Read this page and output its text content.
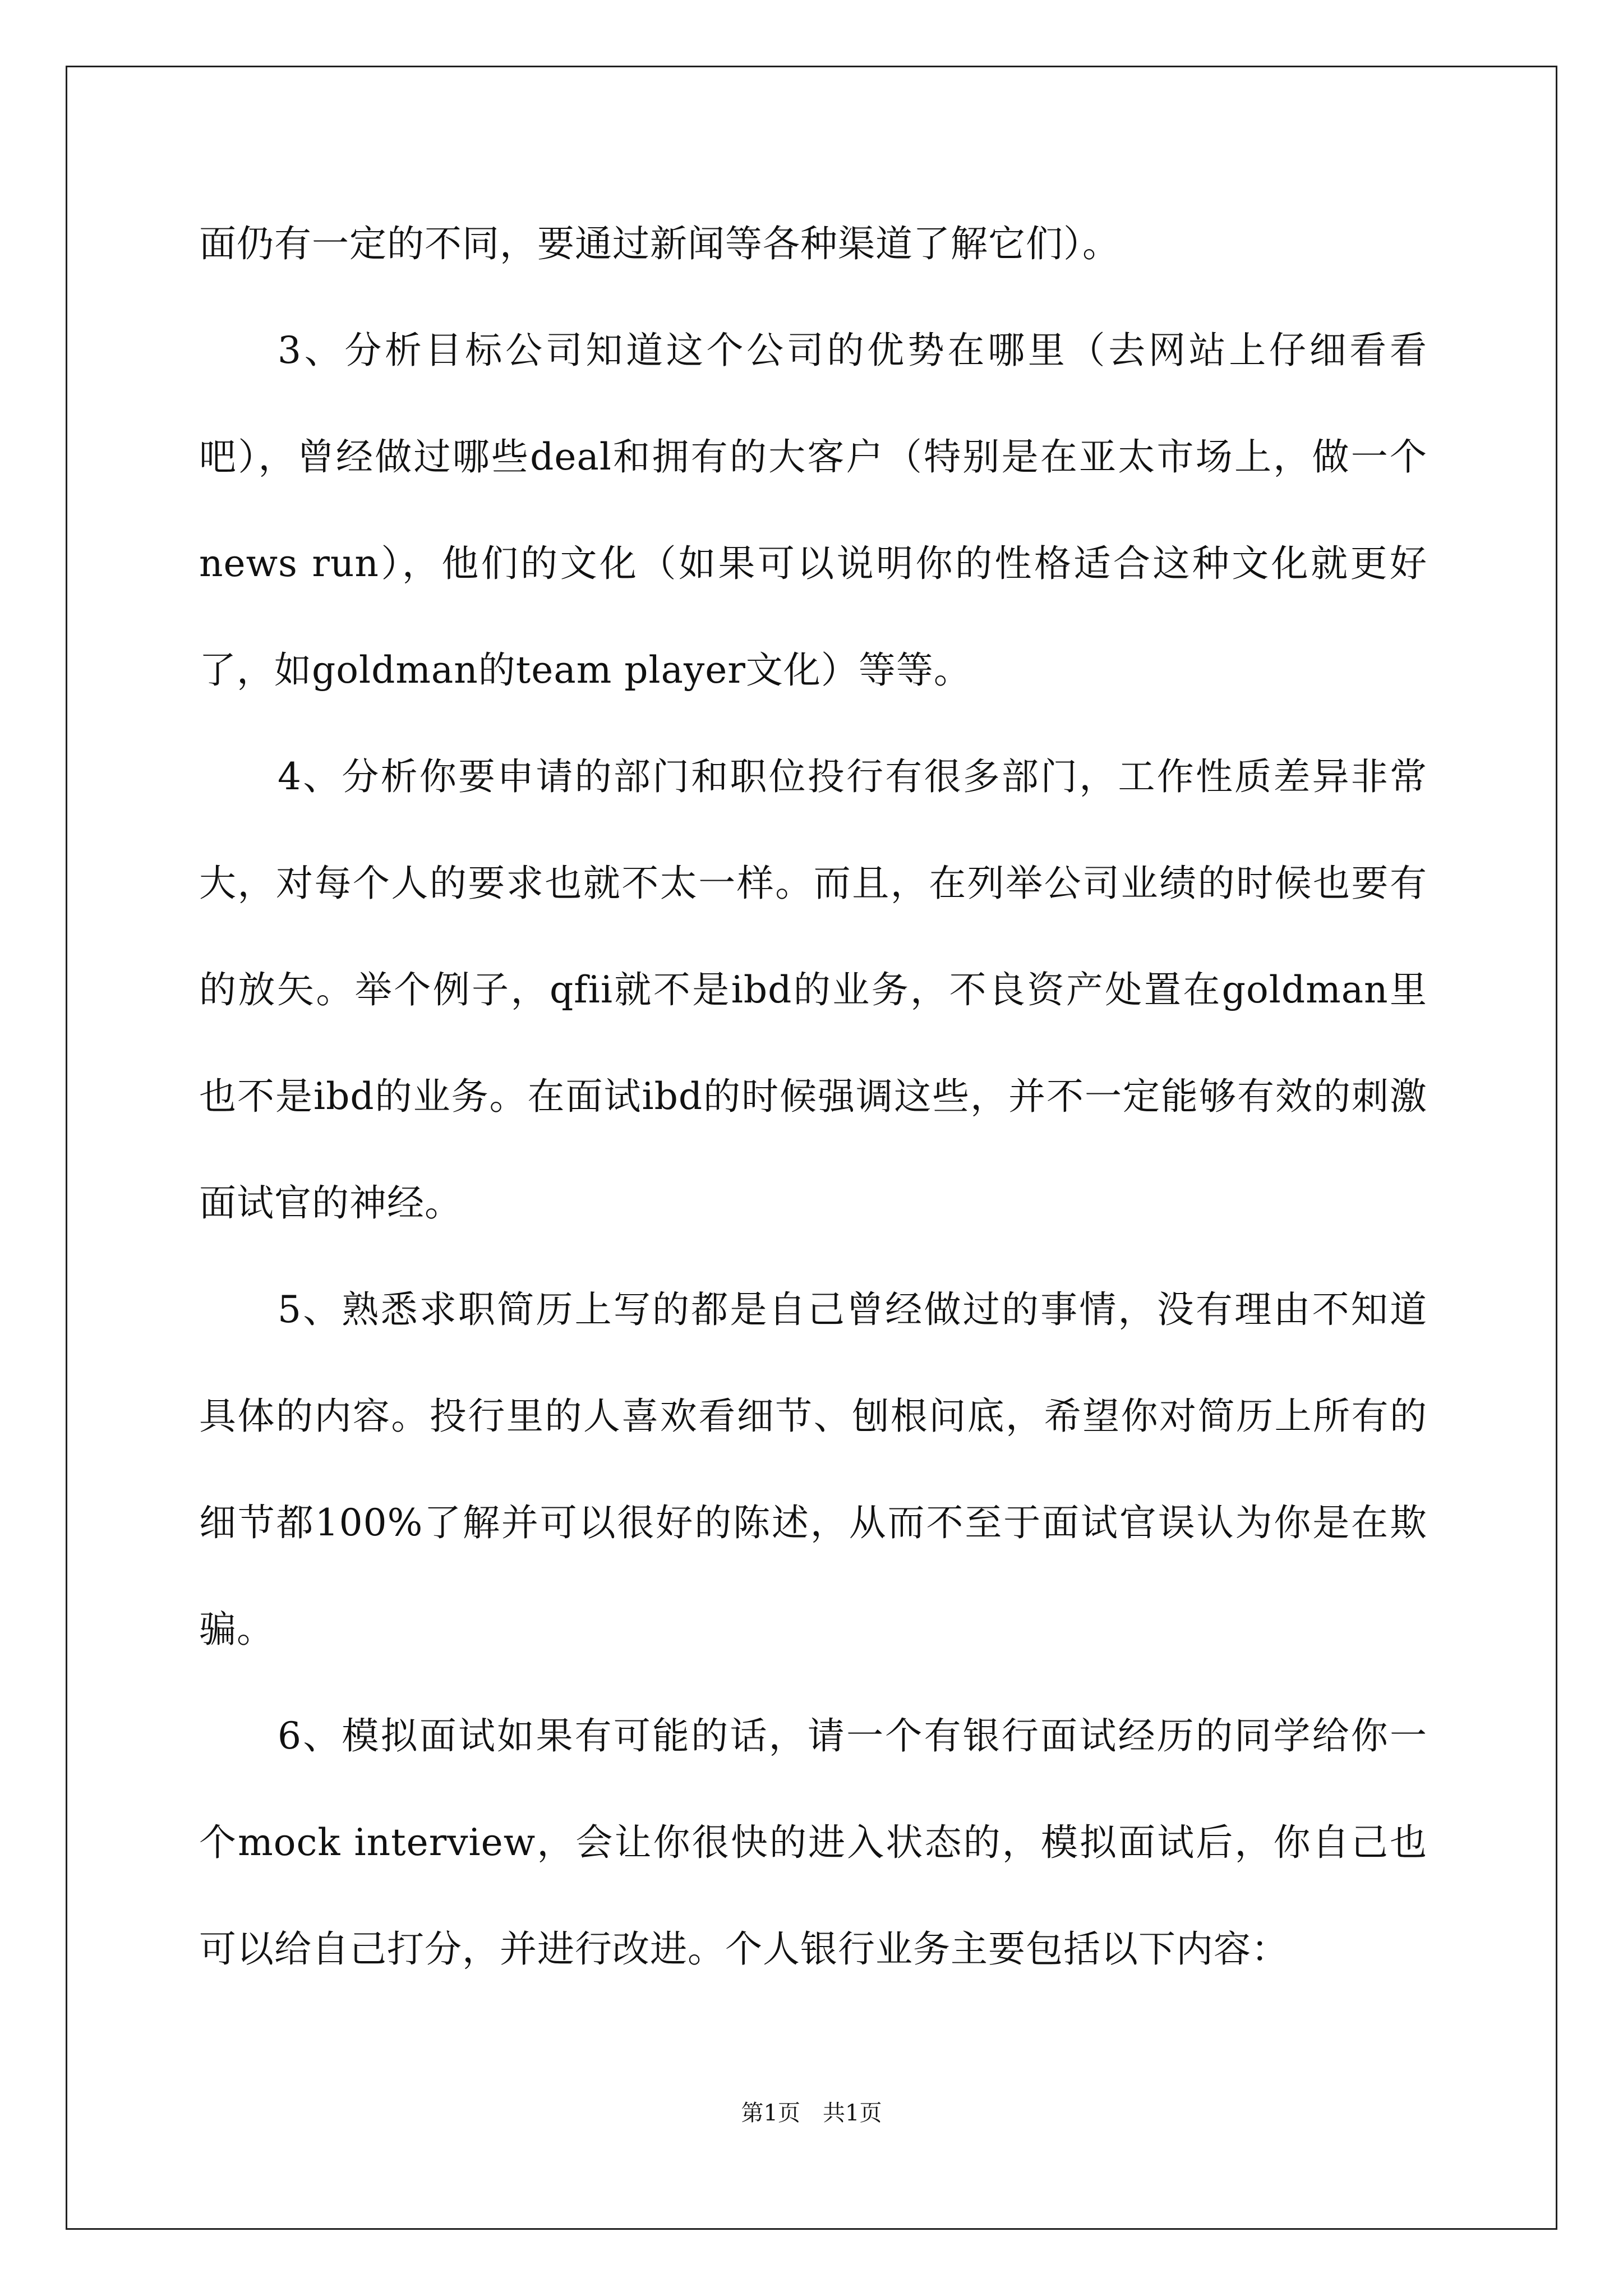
面仍有一定的不同，要通过新闻等各种渠道了解它们）。

3、分析目标公司知道这个公司的优势在哪里（去网站上仔细看看吧），曾经做过哪些deal和拥有的大客户（特别是在亚太市场上，做一个news run），他们的文化（如果可以说明你的性格适合这种文化就更好了，如goldman的team player文化）等等。

4、分析你要申请的部门和职位投行有很多部门，工作性质差异非常大，对每个人的要求也就不太一样。而且，在列举公司业绩的时候也要有的放矢。举个例子，qfii就不是ibd的业务，不良资产处置在goldman里也不是ibd的业务。在面试ibd的时候强调这些，并不一定能够有效的刺激面试官的神经。

5、熟悉求职简历上写的都是自己曾经做过的事情，没有理由不知道具体的内容。投行里的人喜欢看细节、刨根问底，希望你对简历上所有的细节都100%了解并可以很好的陈述，从而不至于面试官误认为你是在欺骗。

6、模拟面试如果有可能的话，请一个有银行面试经历的同学给你一个mock interview，会让你很快的进入状态的，模拟面试后，你自己也可以给自己打分，并进行改进。个人银行业务主要包括以下内容：

第1页　共1页
